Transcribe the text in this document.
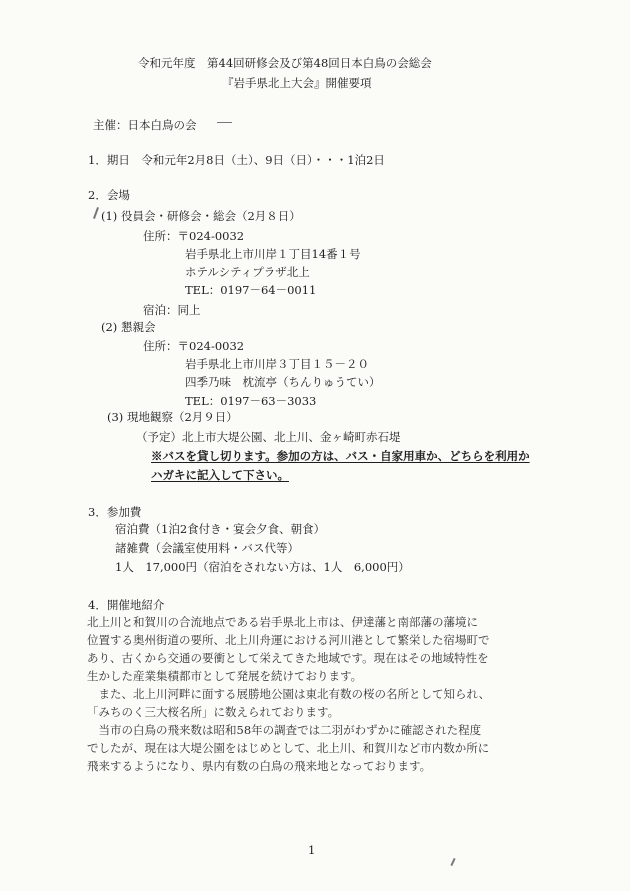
令和元年度　第44回研修会及び第48回日本白鳥の会総会
『岩手県北上大会』開催要項
主催：日本白鳥の会
1．期日　令和元年2月8日（土）、9日（日）・・・1泊2日
2．会場
(1) 役員会・研修会・総会（2月８日）
住所：〒024-0032
岩手県北上市川岸１丁目14番１号
ホテルシティプラザ北上
TEL：0197－64－0011
宿泊：同上
(2) 懇親会
住所：〒024-0032
岩手県北上市川岸３丁目１５－２０
四季乃味　枕流亭（ちんりゅうてい）
TEL：0197－63－3033
(3) 現地観察（2月９日）
（予定）北上市大堤公園、北上川、金ヶ崎町赤石堤
※バスを貸し切ります。参加の方は、バス・自家用車か、どちらを利用か
ハガキに記入して下さい。
3．参加費
宿泊費（1泊2食付き・宴会夕食、朝食）
諸雑費（会議室使用料・バス代等）
1人　17,000円（宿泊をされない方は、1人　6,000円）
4．開催地紹介
北上川と和賀川の合流地点である岩手県北上市は、伊達藩と南部藩の藩境に
位置する奥州街道の要所、北上川舟運における河川港として繁栄した宿場町で
あり、古くから交通の要衝として栄えてきた地域です。現在はその地域特性を
生かした産業集積都市として発展を続けております。
　また、北上川河畔に面する展勝地公園は東北有数の桜の名所として知られ、
「みちのく三大桜名所」に数えられております。
　当市の白鳥の飛来数は昭和58年の調査では二羽がわずかに確認された程度
でしたが、現在は大堤公園をはじめとして、北上川、和賀川など市内数か所に
飛来するようになり、県内有数の白鳥の飛来地となっております。
1
